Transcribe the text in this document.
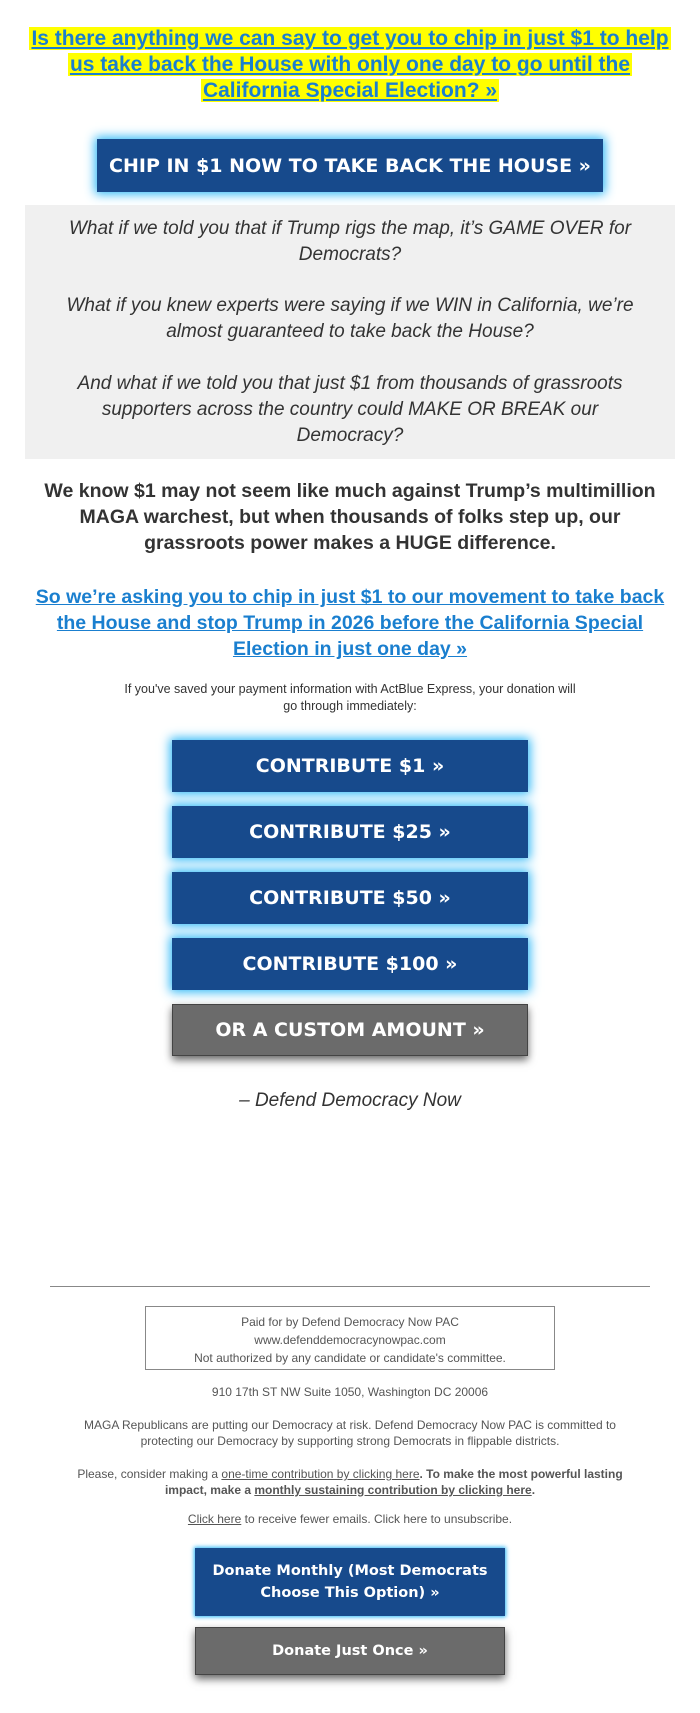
Is there anything we can say to get you to chip in just $1 to help us take back the House with only one day to go until the California Special Election? »
CHIP IN $1 NOW TO TAKE BACK THE HOUSE »
What if we told you that if Trump rigs the map, it’s GAME OVER for Democrats?
What if you knew experts were saying if we WIN in California, we’re almost guaranteed to take back the House?
And what if we told you that just $1 from thousands of grassroots supporters across the country could MAKE OR BREAK our Democracy?
We know $1 may not seem like much against Trump’s multimillion MAGA warchest, but when thousands of folks step up, our grassroots power makes a HUGE difference.
So we’re asking you to chip in just $1 to our movement to take back the House and stop Trump in 2026 before the California Special Election in just one day »
If you've saved your payment information with ActBlue Express, your donation will go through immediately:
CONTRIBUTE $1 »
CONTRIBUTE $25 »
CONTRIBUTE $50 »
CONTRIBUTE $100 »
OR A CUSTOM AMOUNT »
– Defend Democracy Now
Paid for by Defend Democracy Now PAC
www.defenddemocracynowpac.com
Not authorized by any candidate or candidate's committee.
910 17th ST NW Suite 1050, Washington DC 20006
MAGA Republicans are putting our Democracy at risk. Defend Democracy Now PAC is committed to protecting our Democracy by supporting strong Democrats in flippable districts.
Please, consider making a one-time contribution by clicking here. To make the most powerful lasting impact, make a monthly sustaining contribution by clicking here.
Click here to receive fewer emails. Click here to unsubscribe.
Donate Monthly (Most Democrats Choose This Option) »
Donate Just Once »
